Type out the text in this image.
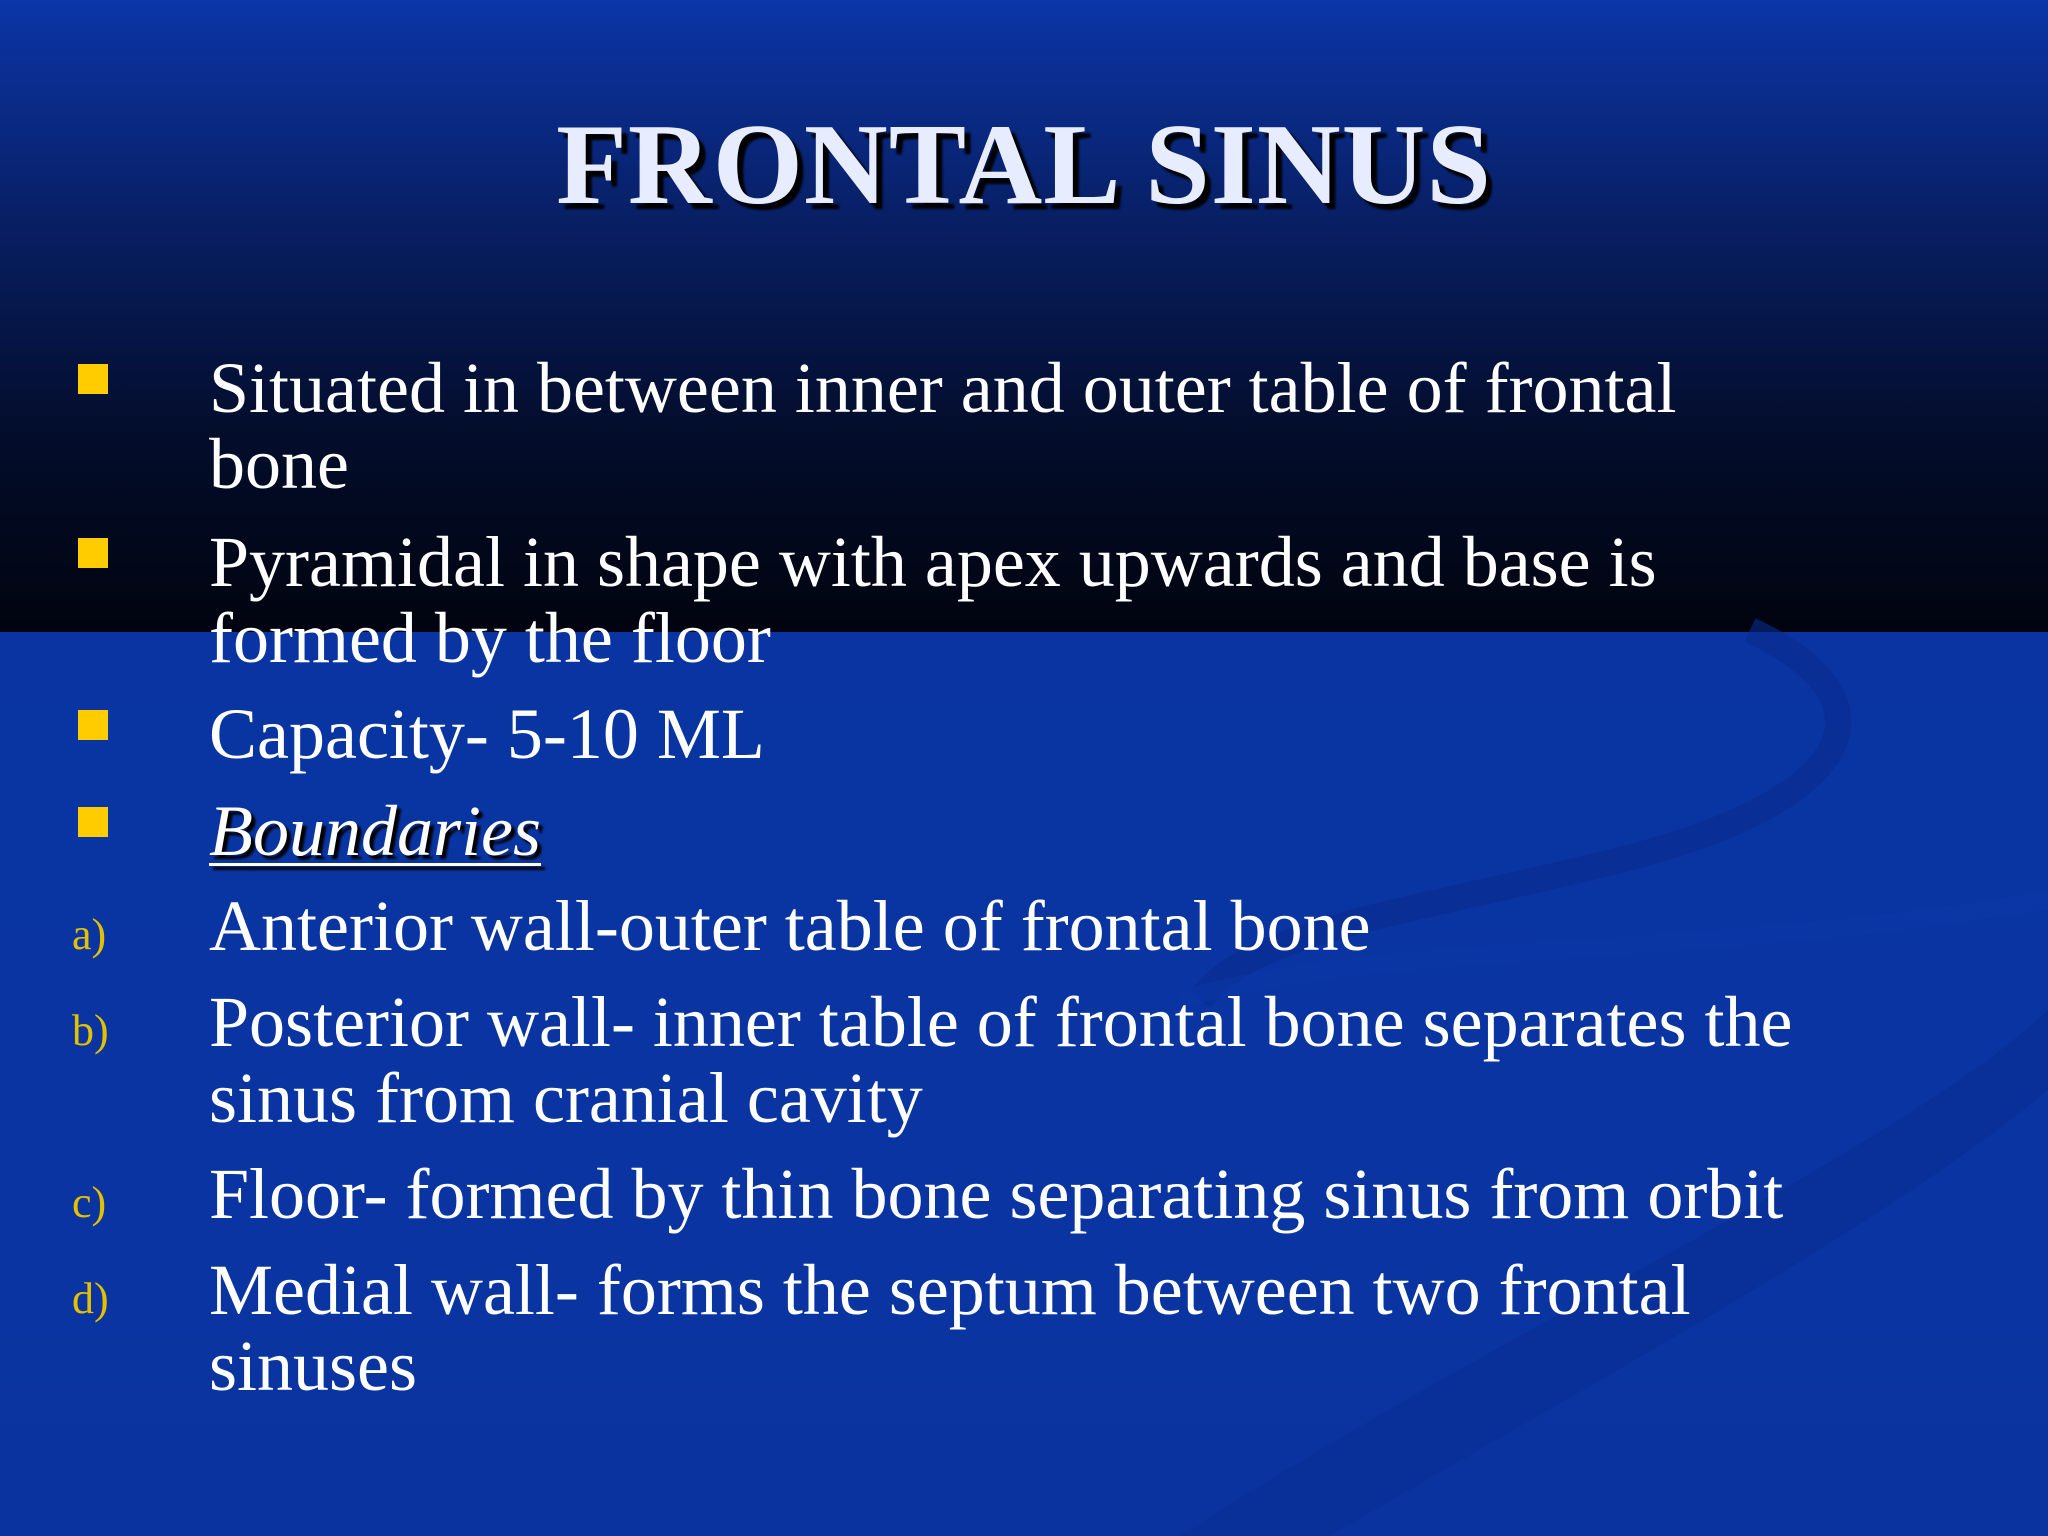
FRONTAL SINUS
Situated in between inner and outer table of frontal
bone
Pyramidal in shape with apex upwards and base is
formed by the floor
Capacity- 5-10 ML
Boundaries
a) Anterior wall-outer table of frontal bone
b) Posterior wall- inner table of frontal bone separates the
sinus from cranial cavity
c) Floor- formed by thin bone separating sinus from orbit
d) Medial wall- forms the septum between two frontal
sinuses
